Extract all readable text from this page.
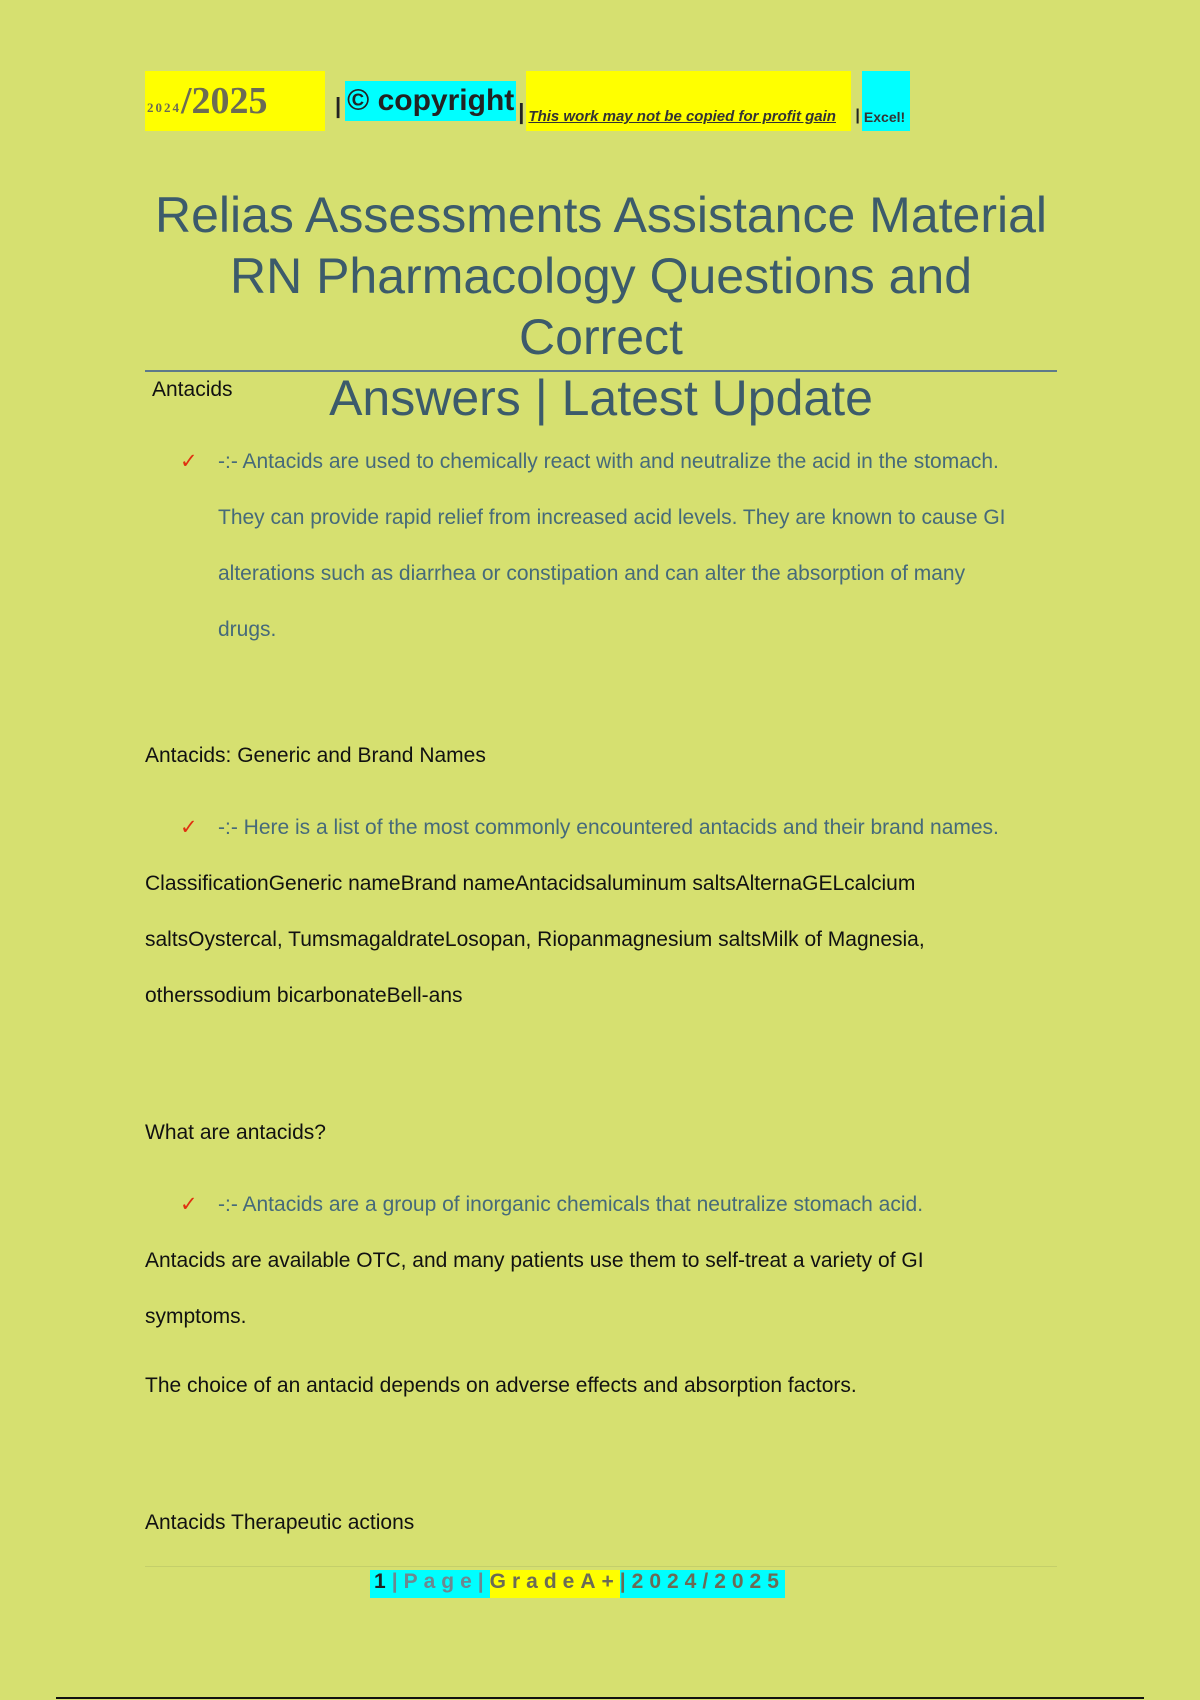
2024 /2025	| © copyright | This work may not be copied for profit gain	| Excel!
Relias Assessments Assistance Material
RN Pharmacology Questions and Correct
Answers | Latest Update
Antacids
✓ -:- Antacids are used to chemically react with and neutralize the acid in the stomach.
They can provide rapid relief from increased acid levels. They are known to cause GI
alterations such as diarrhea or constipation and can alter the absorption of many
drugs.
Antacids: Generic and Brand Names
✓ -:- Here is a list of the most commonly encountered antacids and their brand names.
ClassificationGeneric nameBrand nameAntacidsaluminum saltsAlternaGELcalcium
saltsOystercal, TumsmagaldrateLosopan, Riopanmagnesium saltsMilk of Magnesia,
otherssodium bicarbonateBell-ans
What are antacids?
✓ -:- Antacids are a group of inorganic chemicals that neutralize stomach acid.
Antacids are available OTC, and many patients use them to self-treat a variety of GI
symptoms.
The choice of an antacid depends on adverse effects and absorption factors.
Antacids Therapeutic actions
1 |Page| GradeA+ |2024/2025
